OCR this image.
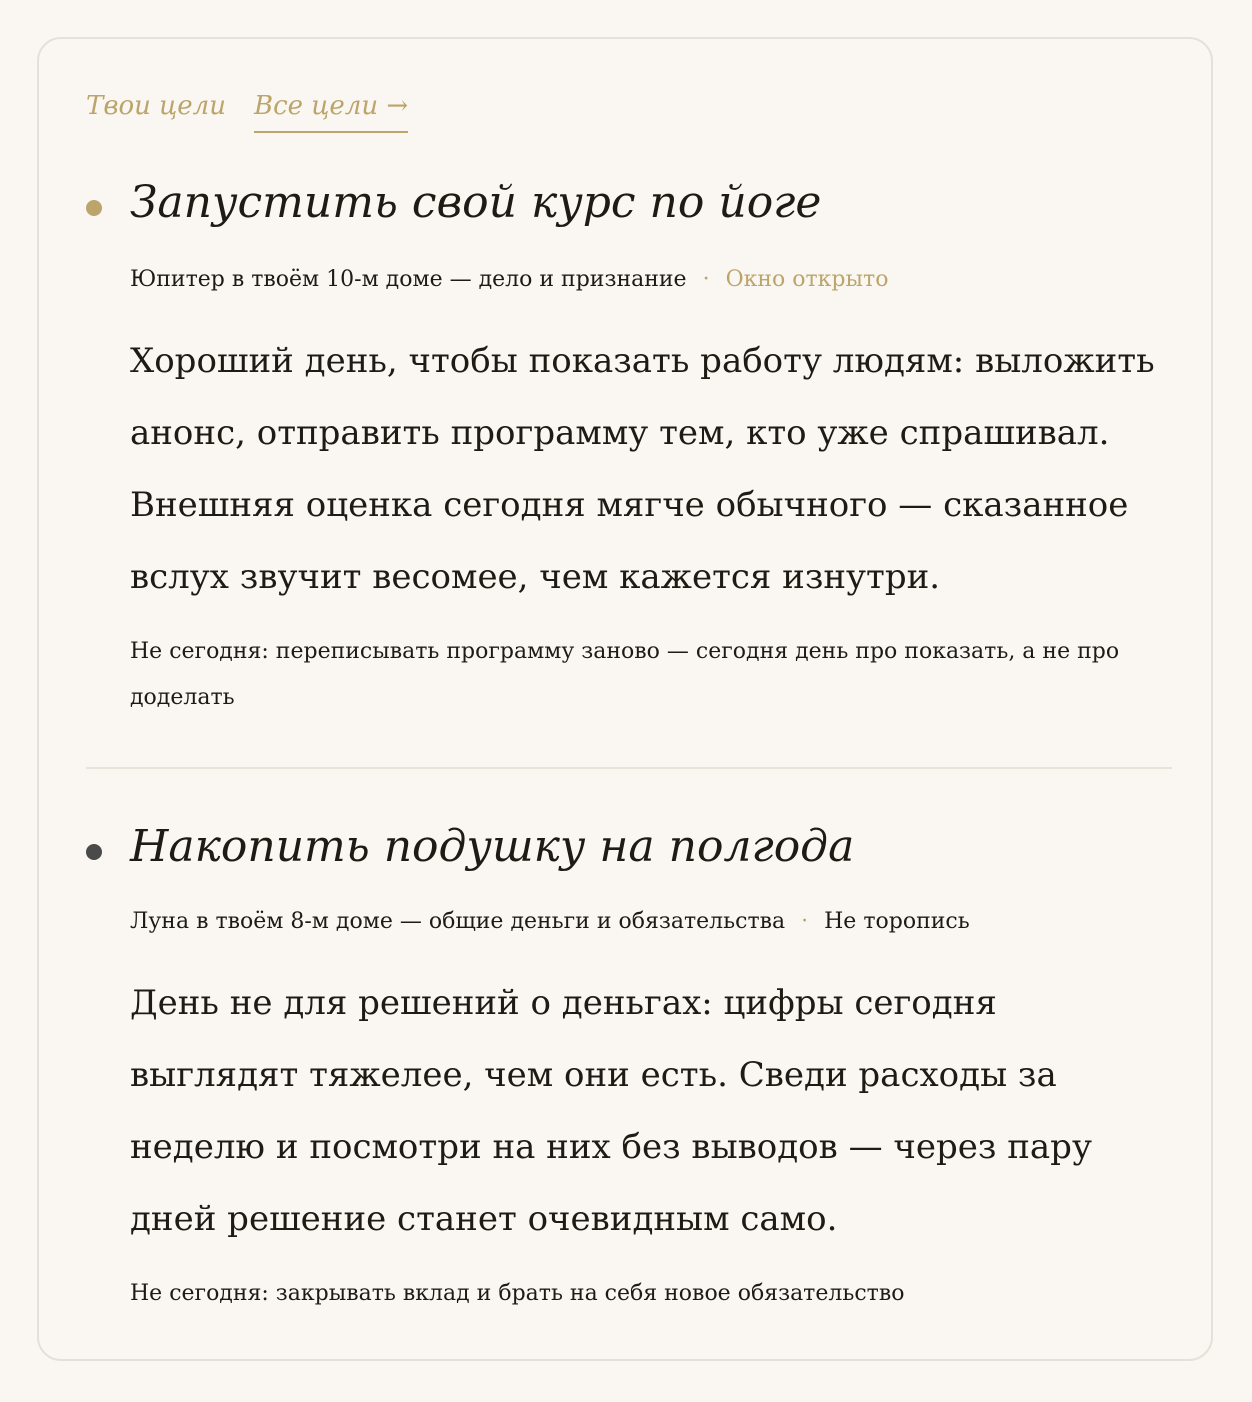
Твои цели Все цели →
Запустить свой курс по йоге
Юпитер в твоём 10-м доме — дело и признание · Окно открыто
Хороший день, чтобы показать работу людям: выложить анонс, отправить программу тем, кто уже спрашивал. Внешняя оценка сегодня мягче обычного — сказанное вслух звучит весомее, чем кажется изнутри.
Не сегодня: переписывать программу заново — сегодня день про показать, а не про доделать
Накопить подушку на полгода
Луна в твоём 8-м доме — общие деньги и обязательства · Не торопись
День не для решений о деньгах: цифры сегодня выглядят тяжелее, чем они есть. Сведи расходы за неделю и посмотри на них без выводов — через пару дней решение станет очевидным само.
Не сегодня: закрывать вклад и брать на себя новое обязательство
